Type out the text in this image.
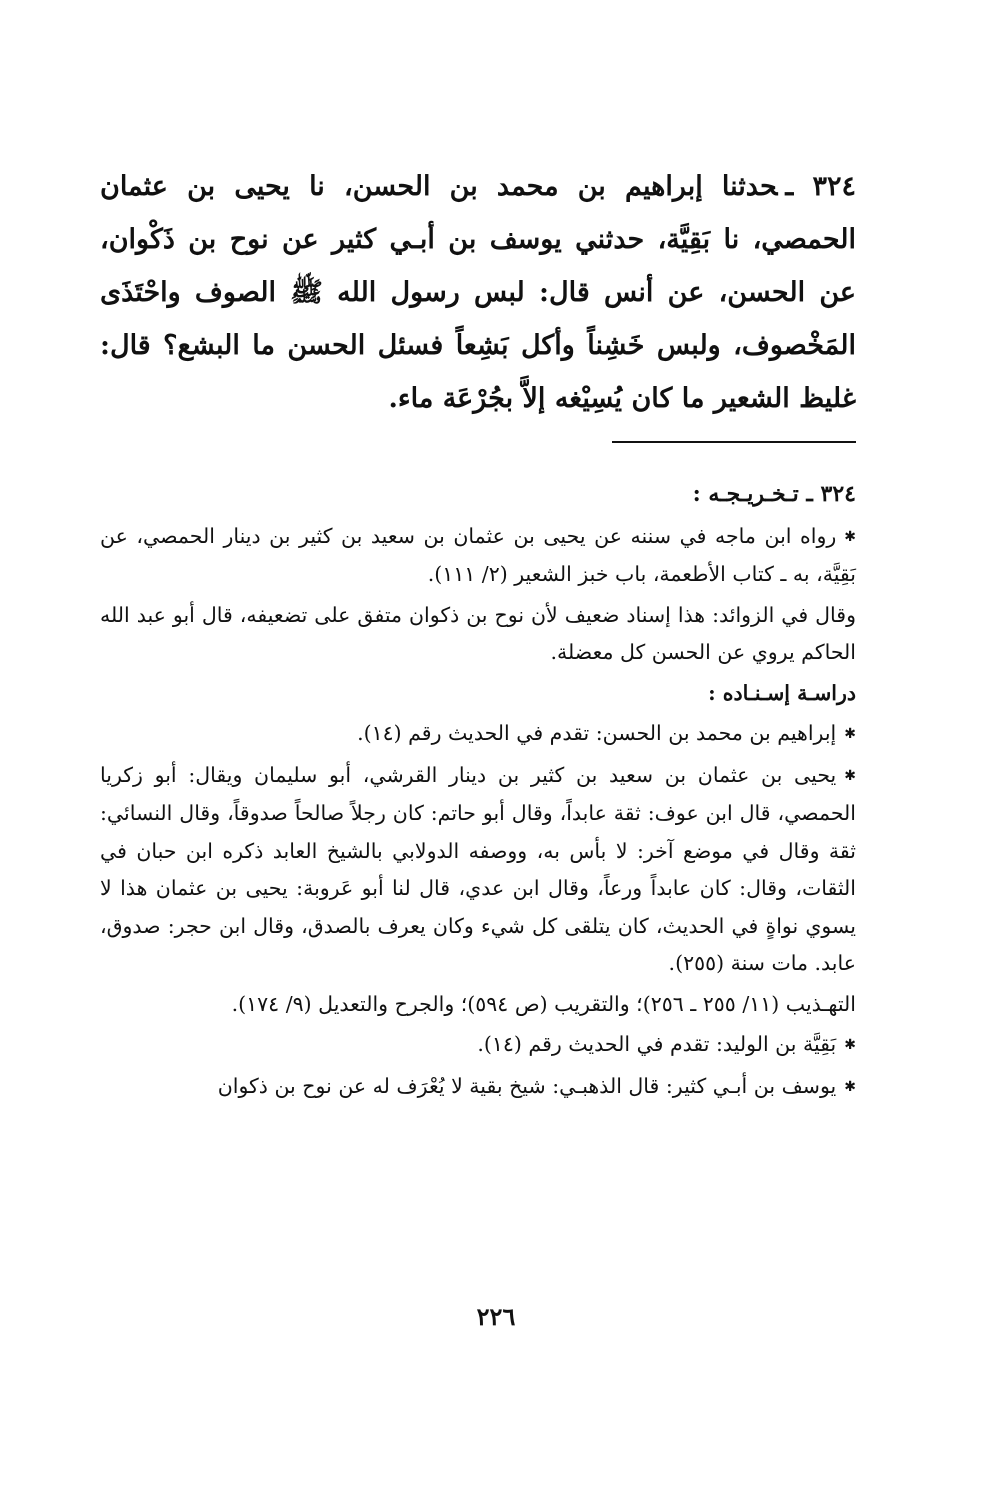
٣٢٤ ـحدثنا إبراهيم بن محمد بن الحسن، نا يحيى بن عثمان الحمصي، نا بَقِيَّة، حدثني يوسف بن أبـي كثير عن نوح بن ذَكْوان، عن الحسن، عن أنس قال: لبس رسول الله ﷺ الصوف واحْتَذَى المَخْصوف، ولبس خَشِناً وأكل بَشِعاً فسئل الحسن ما البشع؟ قال: غليظ الشعير ما كان يُسِيْغه إلاَّ بجُرْعَة ماء.

٣٢٤ ـ تـخـريـجـه :

✱ رواه ابن ماجه في سننه عن يحيى بن عثمان بن سعيد بن كثير بن دينار الحمصي، عن بَقِيَّة، به ـ كتاب الأطعمة، باب خبز الشعير (٢/ ١١١).

وقال في الزوائد: هذا إسناد ضعيف لأن نوح بن ذكوان متفق على تضعيفه، قال أبو عبد الله الحاكم يروي عن الحسن كل معضلة.

دراسـة إسـنـاده :

✱ إبراهيم بن محمد بن الحسن: تقدم في الحديث رقم (١٤).

✱ يحيى بن عثمان بن سعيد بن كثير بن دينار القرشي، أبو سليمان ويقال: أبو زكريا الحمصي، قال ابن عوف: ثقة عابداً، وقال أبو حاتم: كان رجلاً صالحاً صدوقاً، وقال النسائي: ثقة وقال في موضع آخر: لا بأس به، ووصفه الدولابي بالشيخ العابد ذكره ابن حبان في الثقات، وقال: كان عابداً ورعاً، وقال ابن عدي، قال لنا أبو عَروبة: يحيى بن عثمان هذا لا يسوي نواةٍ في الحديث، كان يتلقى كل شيء وكان يعرف بالصدق، وقال ابن حجر: صدوق، عابد. مات سنة (٢٥٥).

التهـذيب (١١/ ٢٥٥ ـ ٢٥٦)؛ والتقريب (ص ٥٩٤)؛ والجرح والتعديل (٩/ ١٧٤).

✱ بَقِيَّة بن الوليد: تقدم في الحديث رقم (١٤).

✱ يوسف بن أبـي كثير: قال الذهبـي: شيخ بقية لا يُعْرَف له عن نوح بن ذكوان

٢٢٦
